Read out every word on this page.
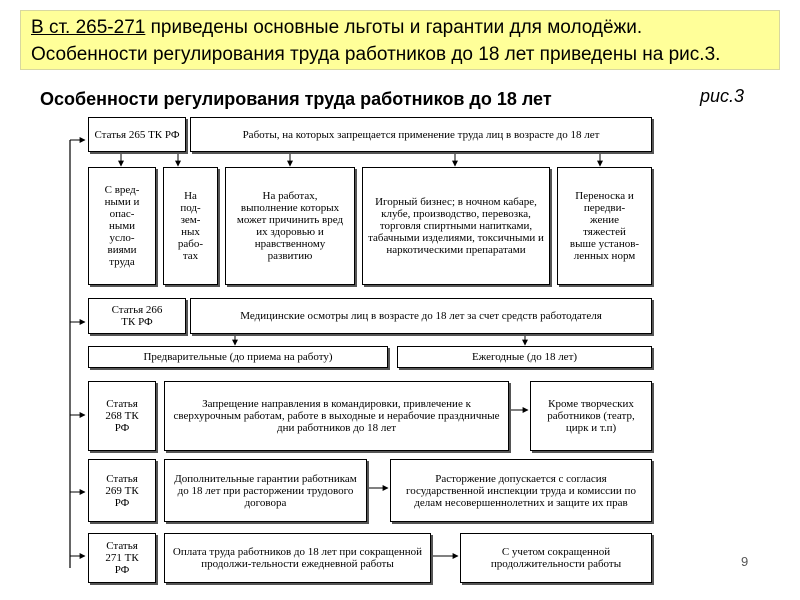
В ст. 265-271 приведены основные льготы и гарантии для молодёжи.
Особенности регулирования труда работников до 18 лет приведены на рис.3.
Особенности регулирования труда работников до 18 лет	рис.3
Статья 265 ТК РФ	Работы, на которых запрещается применение труда лиц в возрасте до 18 лет
С вред-ными и опас-ными усло-виями труда
На под-зем-ных рабо-тах
На работах, выполнение которых может причинить вред их здоровью и нравственному развитию
Игорный бизнес; в ночном кабаре, клубе, производство, перевозка, торговля спиртными напитками, табачными изделиями, токсичными и наркотическими препаратами
Переноска и передви-жение тяжестей выше установ-ленных норм
Статья 266 ТК РФ	Медицинские осмотры лиц в возрасте до 18 лет за счет средств работодателя
Предварительные (до приема на работу)	Ежегодные (до 18 лет)
Статья 268 ТК РФ
Запрещение направления в командировки, привлечение к сверхурочным работам, работе в выходные и нерабочие праздничные дни работников до 18 лет
Кроме творческих работников (театр, цирк и т.п)
Статья 269 ТК РФ
Дополнительные гарантии работникам до 18 лет при расторжении трудового договора
Расторжение допускается с согласия государственной инспекции труда и комиссии по делам несовершеннолетних и защите их прав
Статья 271 ТК РФ
Оплата труда работников до 18 лет при сокращенной продолжи-тельности ежедневной работы
С учетом сокращенной продолжительности работы	9
